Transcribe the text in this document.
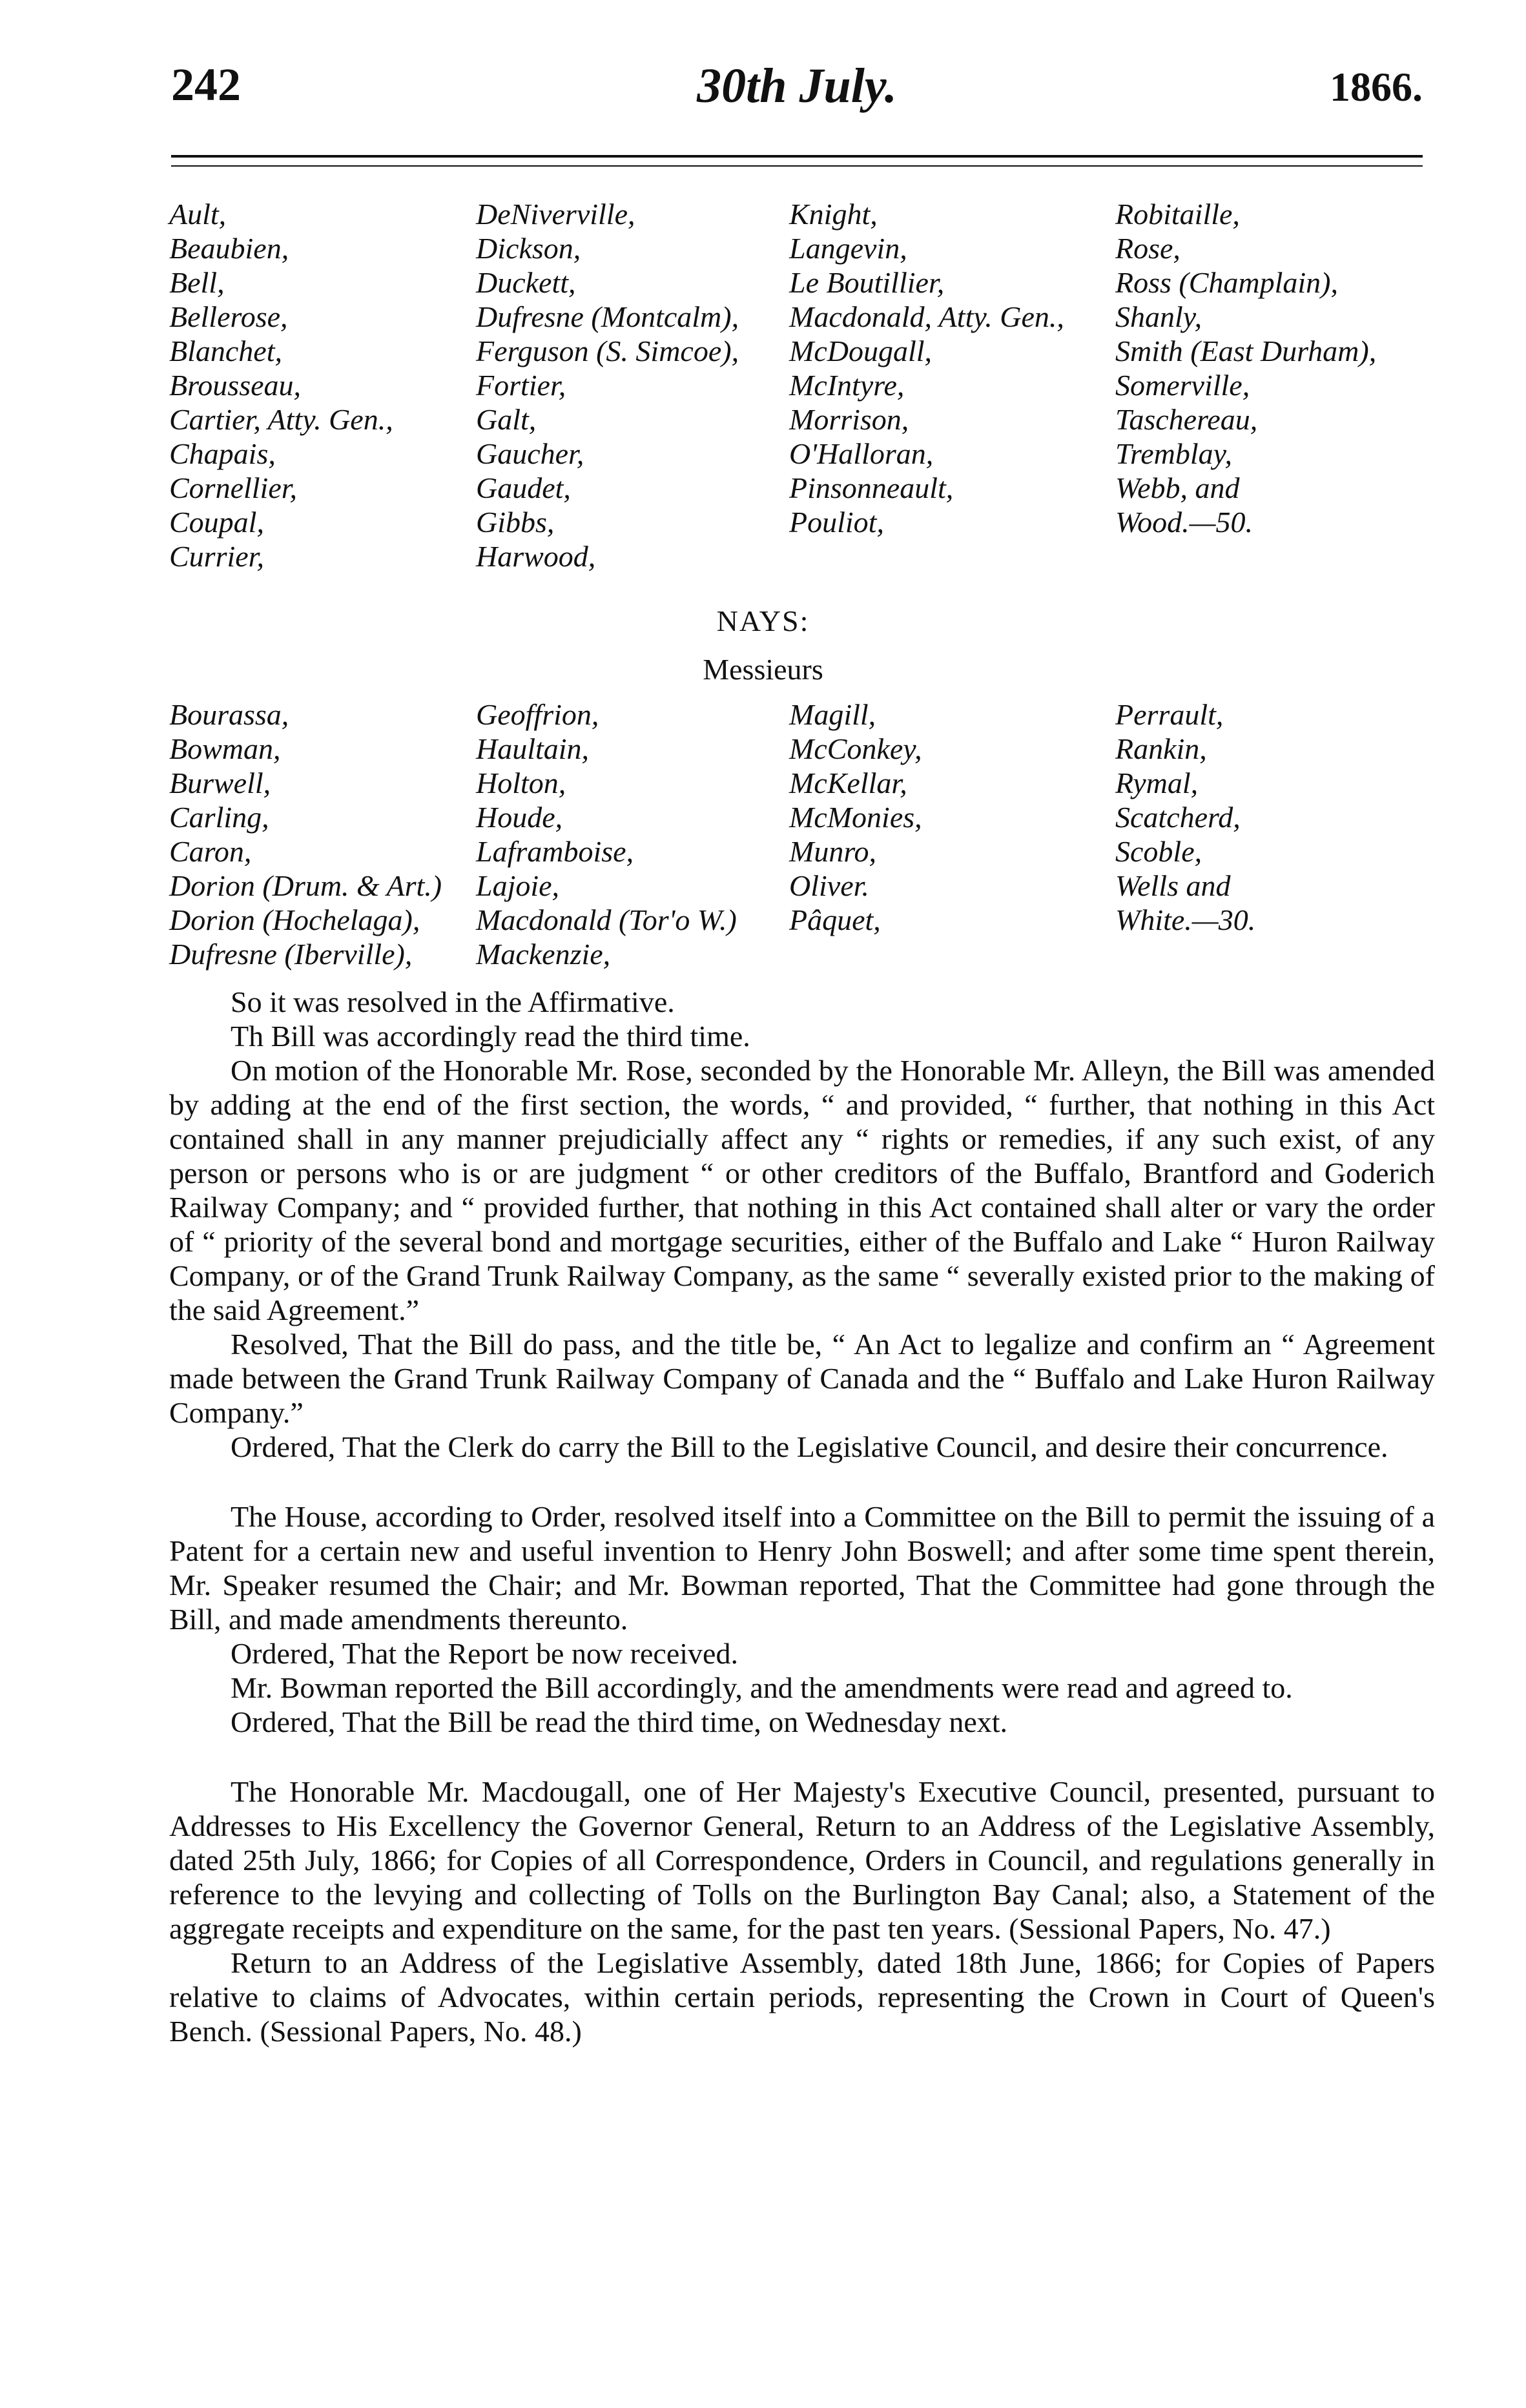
242	30th July.	1866.
Ault,	DeNiverville,	Knight,	Robitaille,
Beaubien,	Dickson,	Langevin,	Rose,
Bell,	Duckett,	Le Boutillier,	Ross (Champlain),
Bellerose,	Dufresne (Montcalm),	Macdonald, Atty. Gen.,	Shanly,
Blanchet,	Ferguson (S. Simcoe),	McDougall,	Smith (East Durham),
Brousseau,	Fortier,	McIntyre,	Somerville,
Cartier, Atty. Gen.,	Galt,	Morrison,	Taschereau,
Chapais,	Gaucher,	O'Halloran,	Tremblay,
Cornellier,	Gaudet,	Pinsonneault,	Webb, and
Coupal,	Gibbs,	Pouliot,	Wood.—50.
Currier,	Harwood,
NAYS:
Messieurs
Bourassa,	Geoffrion,	Magill,	Perrault,
Bowman,	Haultain,	McConkey,	Rankin,
Burwell,	Holton,	McKellar,	Rymal,
Carling,	Houde,	McMonies,	Scatcherd,
Caron,	Laframboise,	Munro,	Scoble,
Dorion (Drum. & Art.)	Lajoie,	Oliver.	Wells and
Dorion (Hochelaga),	Macdonald (Tor'o W.)	Pâquet,	White.—30.
Dufresne (Iberville),	Mackenzie,

So it was resolved in the Affirmative.

Th Bill was accordingly read the third time.

On motion of the Honorable Mr. Rose, seconded by the Honorable Mr. Alleyn, the Bill was amended by adding at the end of the first section, the words, “ and provided, “ further, that nothing in this Act contained shall in any manner prejudicially affect any “ rights or remedies, if any such exist, of any person or persons who is or are judgment “ or other creditors of the Buffalo, Brantford and Goderich Railway Company; and “ provided further, that nothing in this Act contained shall alter or vary the order of “ priority of the several bond and mortgage securities, either of the Buffalo and Lake “ Huron Railway Company, or of the Grand Trunk Railway Company, as the same “ severally existed prior to the making of the said Agreement.”

Resolved, That the Bill do pass, and the title be, “ An Act to legalize and confirm an “ Agreement made between the Grand Trunk Railway Company of Canada and the “ Buffalo and Lake Huron Railway Company.”

Ordered, That the Clerk do carry the Bill to the Legislative Council, and desire their concurrence.

The House, according to Order, resolved itself into a Committee on the Bill to permit the issuing of a Patent for a certain new and useful invention to Henry John Boswell; and after some time spent therein, Mr. Speaker resumed the Chair; and Mr. Bowman reported, That the Committee had gone through the Bill, and made amendments thereunto.

Ordered, That the Report be now received.

Mr. Bowman reported the Bill accordingly, and the amendments were read and agreed to.

Ordered, That the Bill be read the third time, on Wednesday next.

The Honorable Mr. Macdougall, one of Her Majesty's Executive Council, presented, pursuant to Addresses to His Excellency the Governor General, Return to an Address of the Legislative Assembly, dated 25th July, 1866; for Copies of all Correspondence, Orders in Council, and regulations generally in reference to the levying and collecting of Tolls on the Burlington Bay Canal; also, a Statement of the aggregate receipts and expenditure on the same, for the past ten years. (Sessional Papers, No. 47.)

Return to an Address of the Legislative Assembly, dated 18th June, 1866; for Copies of Papers relative to claims of Advocates, within certain periods, representing the Crown in Court of Queen's Bench. (Sessional Papers, No. 48.)
